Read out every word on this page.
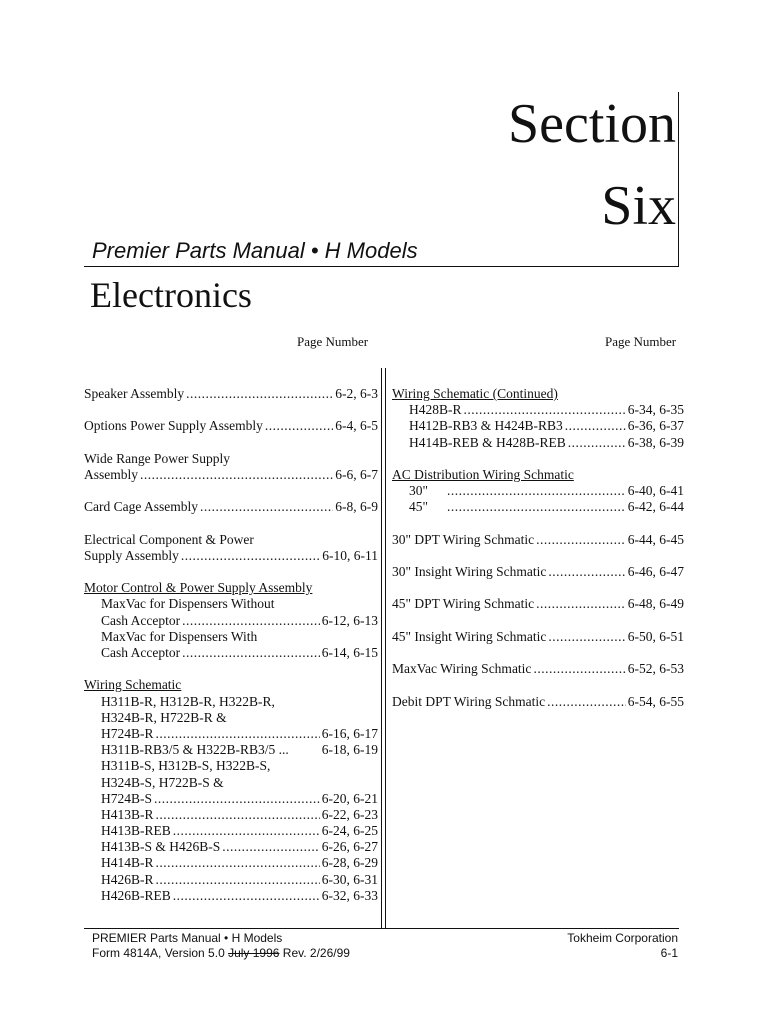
Section
Six
Premier Parts Manual • H Models
Electronics
Page Number	Page Number
Speaker Assembly .....	6-2, 6-3
Options Power Supply Assembly .....	6-4, 6-5
Wide Range Power Supply
Assembly .....	6-6, 6-7
Card Cage Assembly .....	6-8, 6-9
Electrical Component & Power
Supply Assembly .....	6-10, 6-11
Motor Control & Power Supply Assembly
MaxVac for Dispensers Without
Cash Acceptor .....	6-12, 6-13
MaxVac for Dispensers With
Cash Acceptor .....	6-14, 6-15
Wiring Schematic
H311B-R, H312B-R, H322B-R,
H324B-R, H722B-R &
H724B-R .....	6-16, 6-17
H311B-RB3/5 & H322B-RB3/5 ... 6-18, 6-19
H311B-S, H312B-S, H322B-S,
H324B-S, H722B-S &
H724B-S .....	6-20, 6-21
H413B-R .....	6-22, 6-23
H413B-REB .....	6-24, 6-25
H413B-S & H426B-S .....	6-26, 6-27
H414B-R .....	6-28, 6-29
H426B-R .....	6-30, 6-31
H426B-REB .....	6-32, 6-33
Wiring Schematic (Continued)
H428B-R .....	6-34, 6-35
H412B-RB3 & H424B-RB3 .....	6-36, 6-37
H414B-REB & H428B-REB .....	6-38, 6-39
AC Distribution Wiring Schmatic
30" .....	6-40, 6-41
45" .....	6-42, 6-44
30" DPT Wiring Schmatic .....	6-44, 6-45
30" Insight Wiring Schmatic .....	6-46, 6-47
45" DPT Wiring Schmatic .....	6-48, 6-49
45" Insight Wiring Schmatic .....	6-50, 6-51
MaxVac Wiring Schmatic .....	6-52, 6-53
Debit DPT Wiring Schmatic .....	6-54, 6-55
PREMIER Parts Manual • H Models
Form 4814A, Version 5.0 July 1996 Rev. 2/26/99
Tokheim Corporation
6-1
